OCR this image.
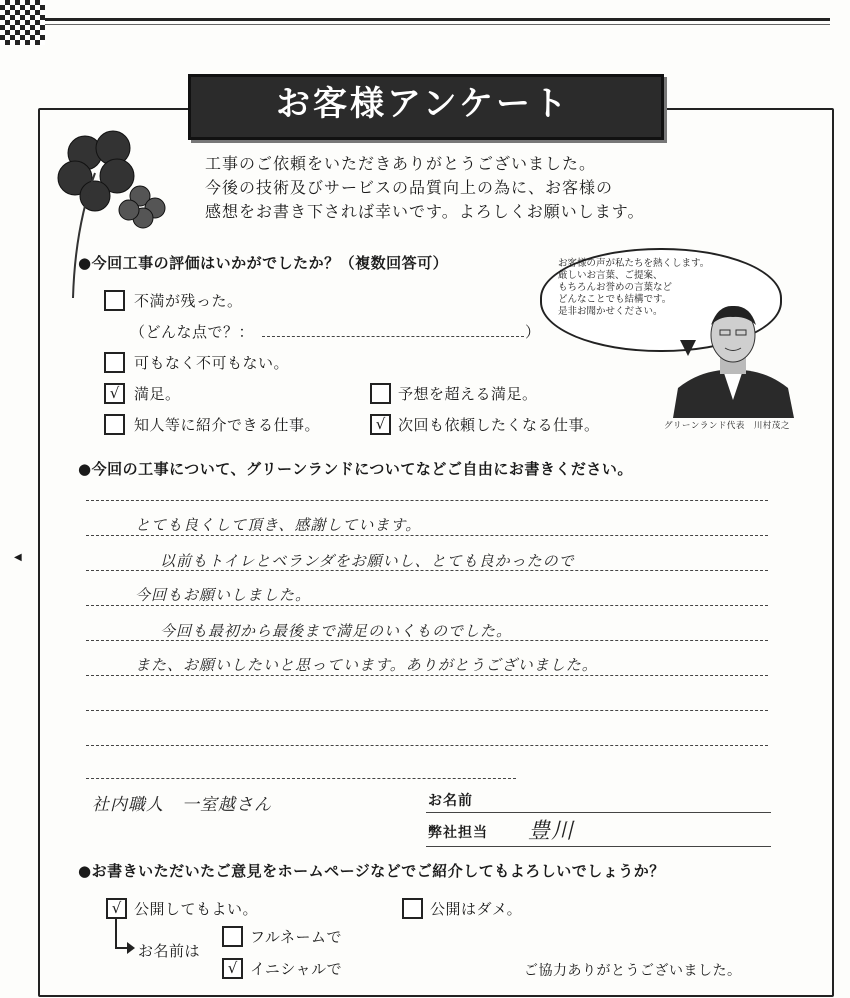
◀
お客様アンケート
工事のご依頼をいただきありがとうございました。
今後の技術及びサービスの品質向上の為に、お客様の
感想をお書き下されば幸いです。よろしくお願いします。
お客様の声が私たちを熱くします。
厳しいお言葉、ご提案、
もちろんお誉めの言葉など
どんなことでも結構です。
是非お聞かせください。
グリーンランド代表　川村茂之
●今回工事の評価はいかがでしたか？（複数回答可）
不満が残った。
（どんな点で？：	）
可もなく不可もない。
√ 満足。	予想を超える満足。
知人等に紹介できる仕事。	√ 次回も依頼したくなる仕事。
●今回の工事について、グリーンランドについてなどご自由にお書きください。
とても良くして頂き、感謝しています。
以前もトイレとベランダをお願いし、とても良かったので
今回もお願いしました。
今回も最初から最後まで満足のいくものでした。
また、お願いしたいと思っています。ありがとうございました。
社内職人　一室越さん	お名前
弊社担当 豊川
●お書きいただいたご意見をホームページなどでご紹介してもよろしいでしょうか？
√ 公開してもよい。	公開はダメ。
お名前は
フルネームで
√ イニシャルで	ご協力ありがとうございました。
